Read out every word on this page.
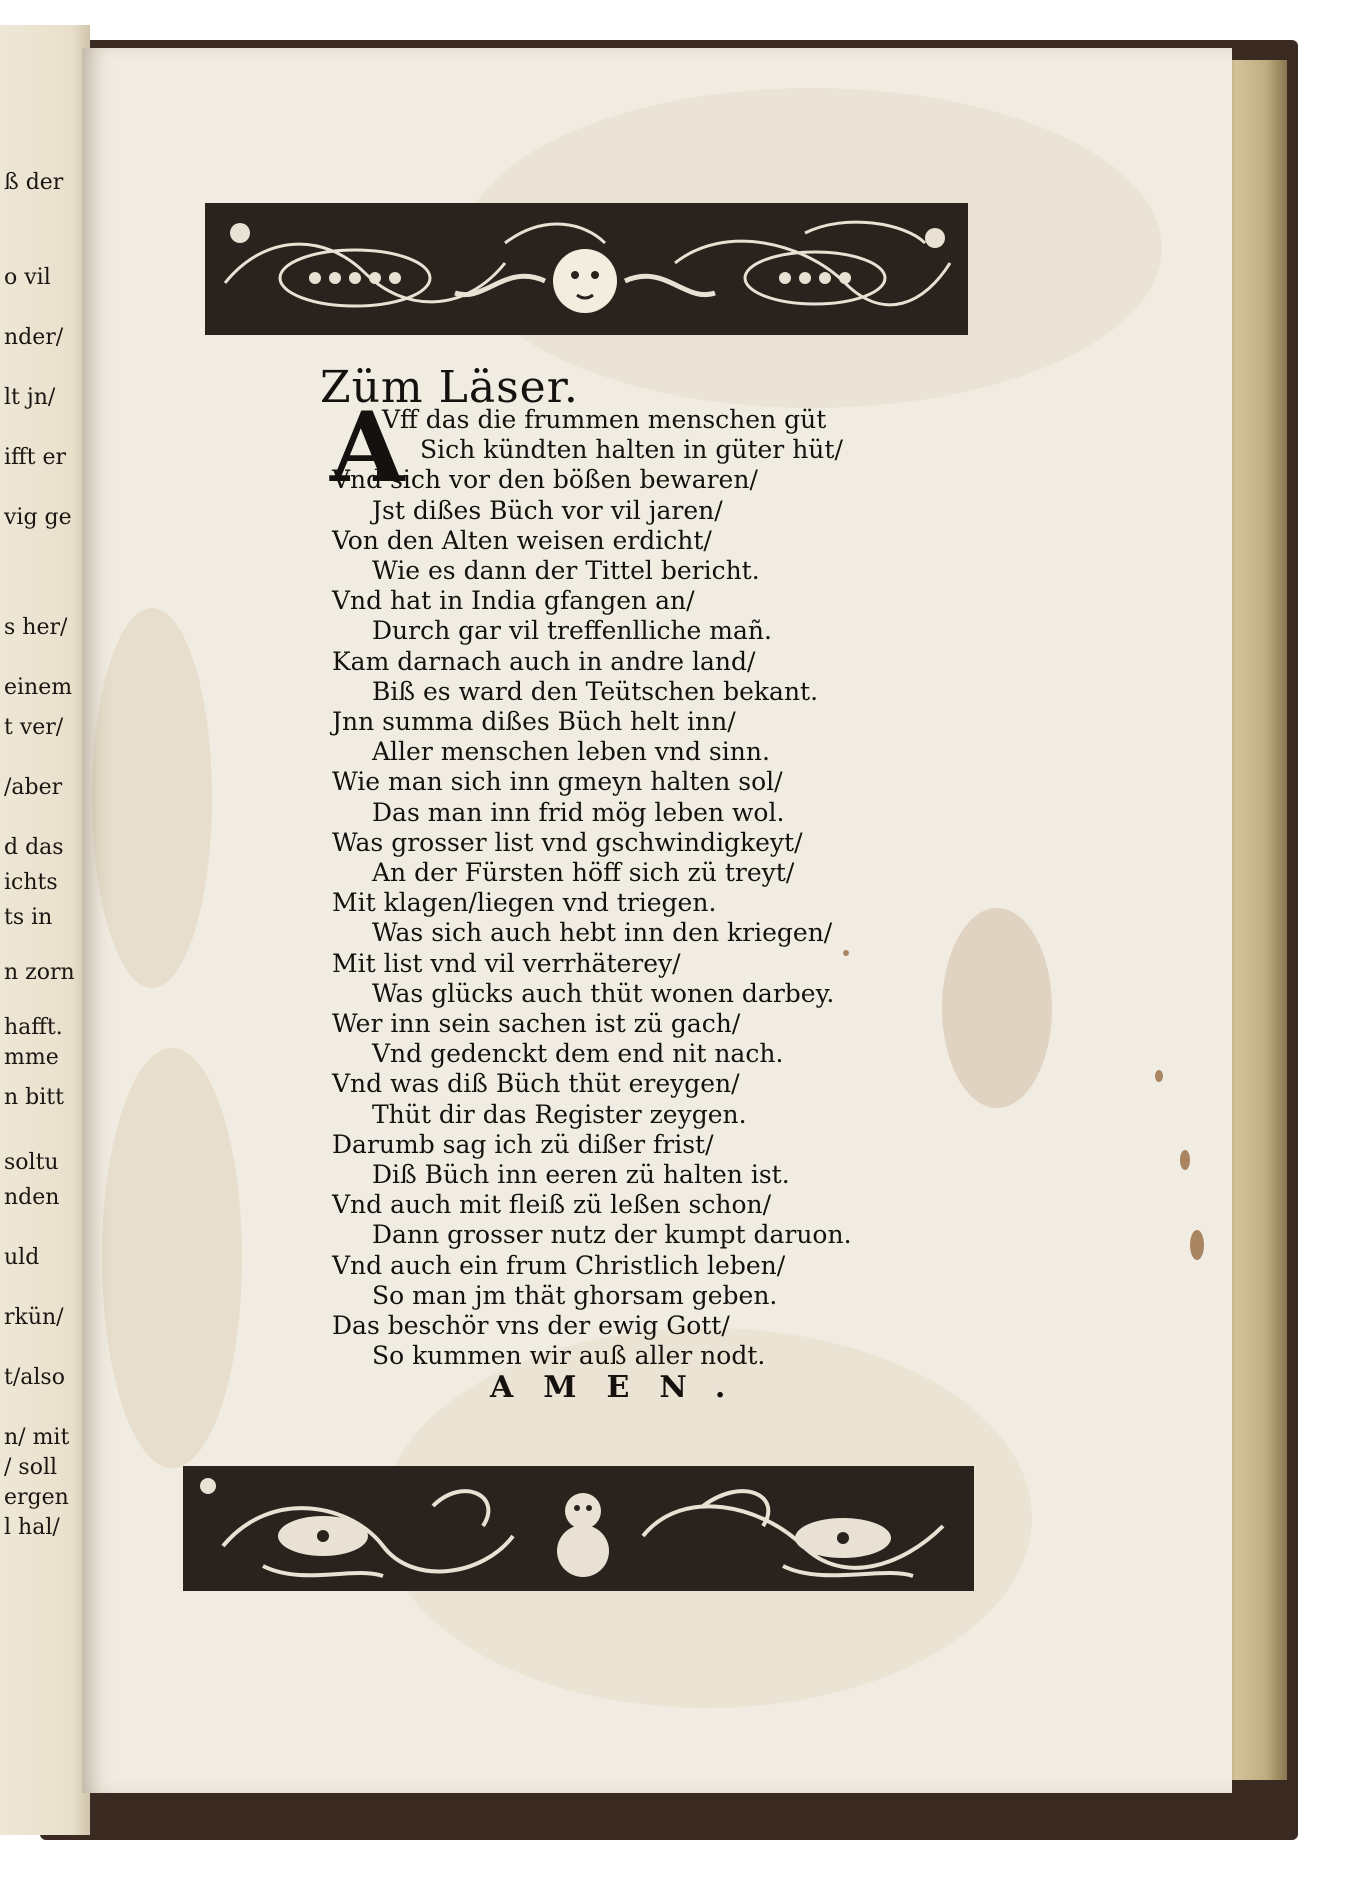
ß der
o vil
nder/
lt jn/
ifft er
vig ge
s her/
einem
t ver/
/aber
d das
ichts
ts in
n zorn
hafft.
mme
n bitt
soltu
nden
uld
rkün/
t/also
n/ mit
/ soll
ergen
l hal/
Züm Läser.
A
Vff das die frummen menschen güt
Sich kündten halten in güter hüt/
Vnd sich vor den bößen bewaren/
Jst dißes Büch vor vil jaren/
Von den Alten weisen erdicht/
Wie es dann der Tittel bericht.
Vnd hat in India gfangen an/
Durch gar vil treffenlliche mañ.
Kam darnach auch in andre land/
Biß es ward den Teütschen bekant.
Jnn summa dißes Büch helt inn/
Aller menschen leben vnd sinn.
Wie man sich inn gmeyn halten sol/
Das man inn frid mög leben wol.
Was grosser list vnd gschwindigkeyt/
An der Fürsten höff sich zü treyt/
Mit klagen/liegen vnd triegen.
Was sich auch hebt inn den kriegen/
Mit list vnd vil verrhäterey/
Was glücks auch thüt wonen darbey.
Wer inn sein sachen ist zü gach/
Vnd gedenckt dem end nit nach.
Vnd was diß Büch thüt ereygen/
Thüt dir das Register zeygen.
Darumb sag ich zü dißer frist/
Diß Büch inn eeren zü halten ist.
Vnd auch mit fleiß zü leßen schon/
Dann grosser nutz der kumpt daruon.
Vnd auch ein frum Christlich leben/
So man jm thät ghorsam geben.
Das beschör vns der ewig Gott/
So kummen wir auß aller nodt.
AMEN.
